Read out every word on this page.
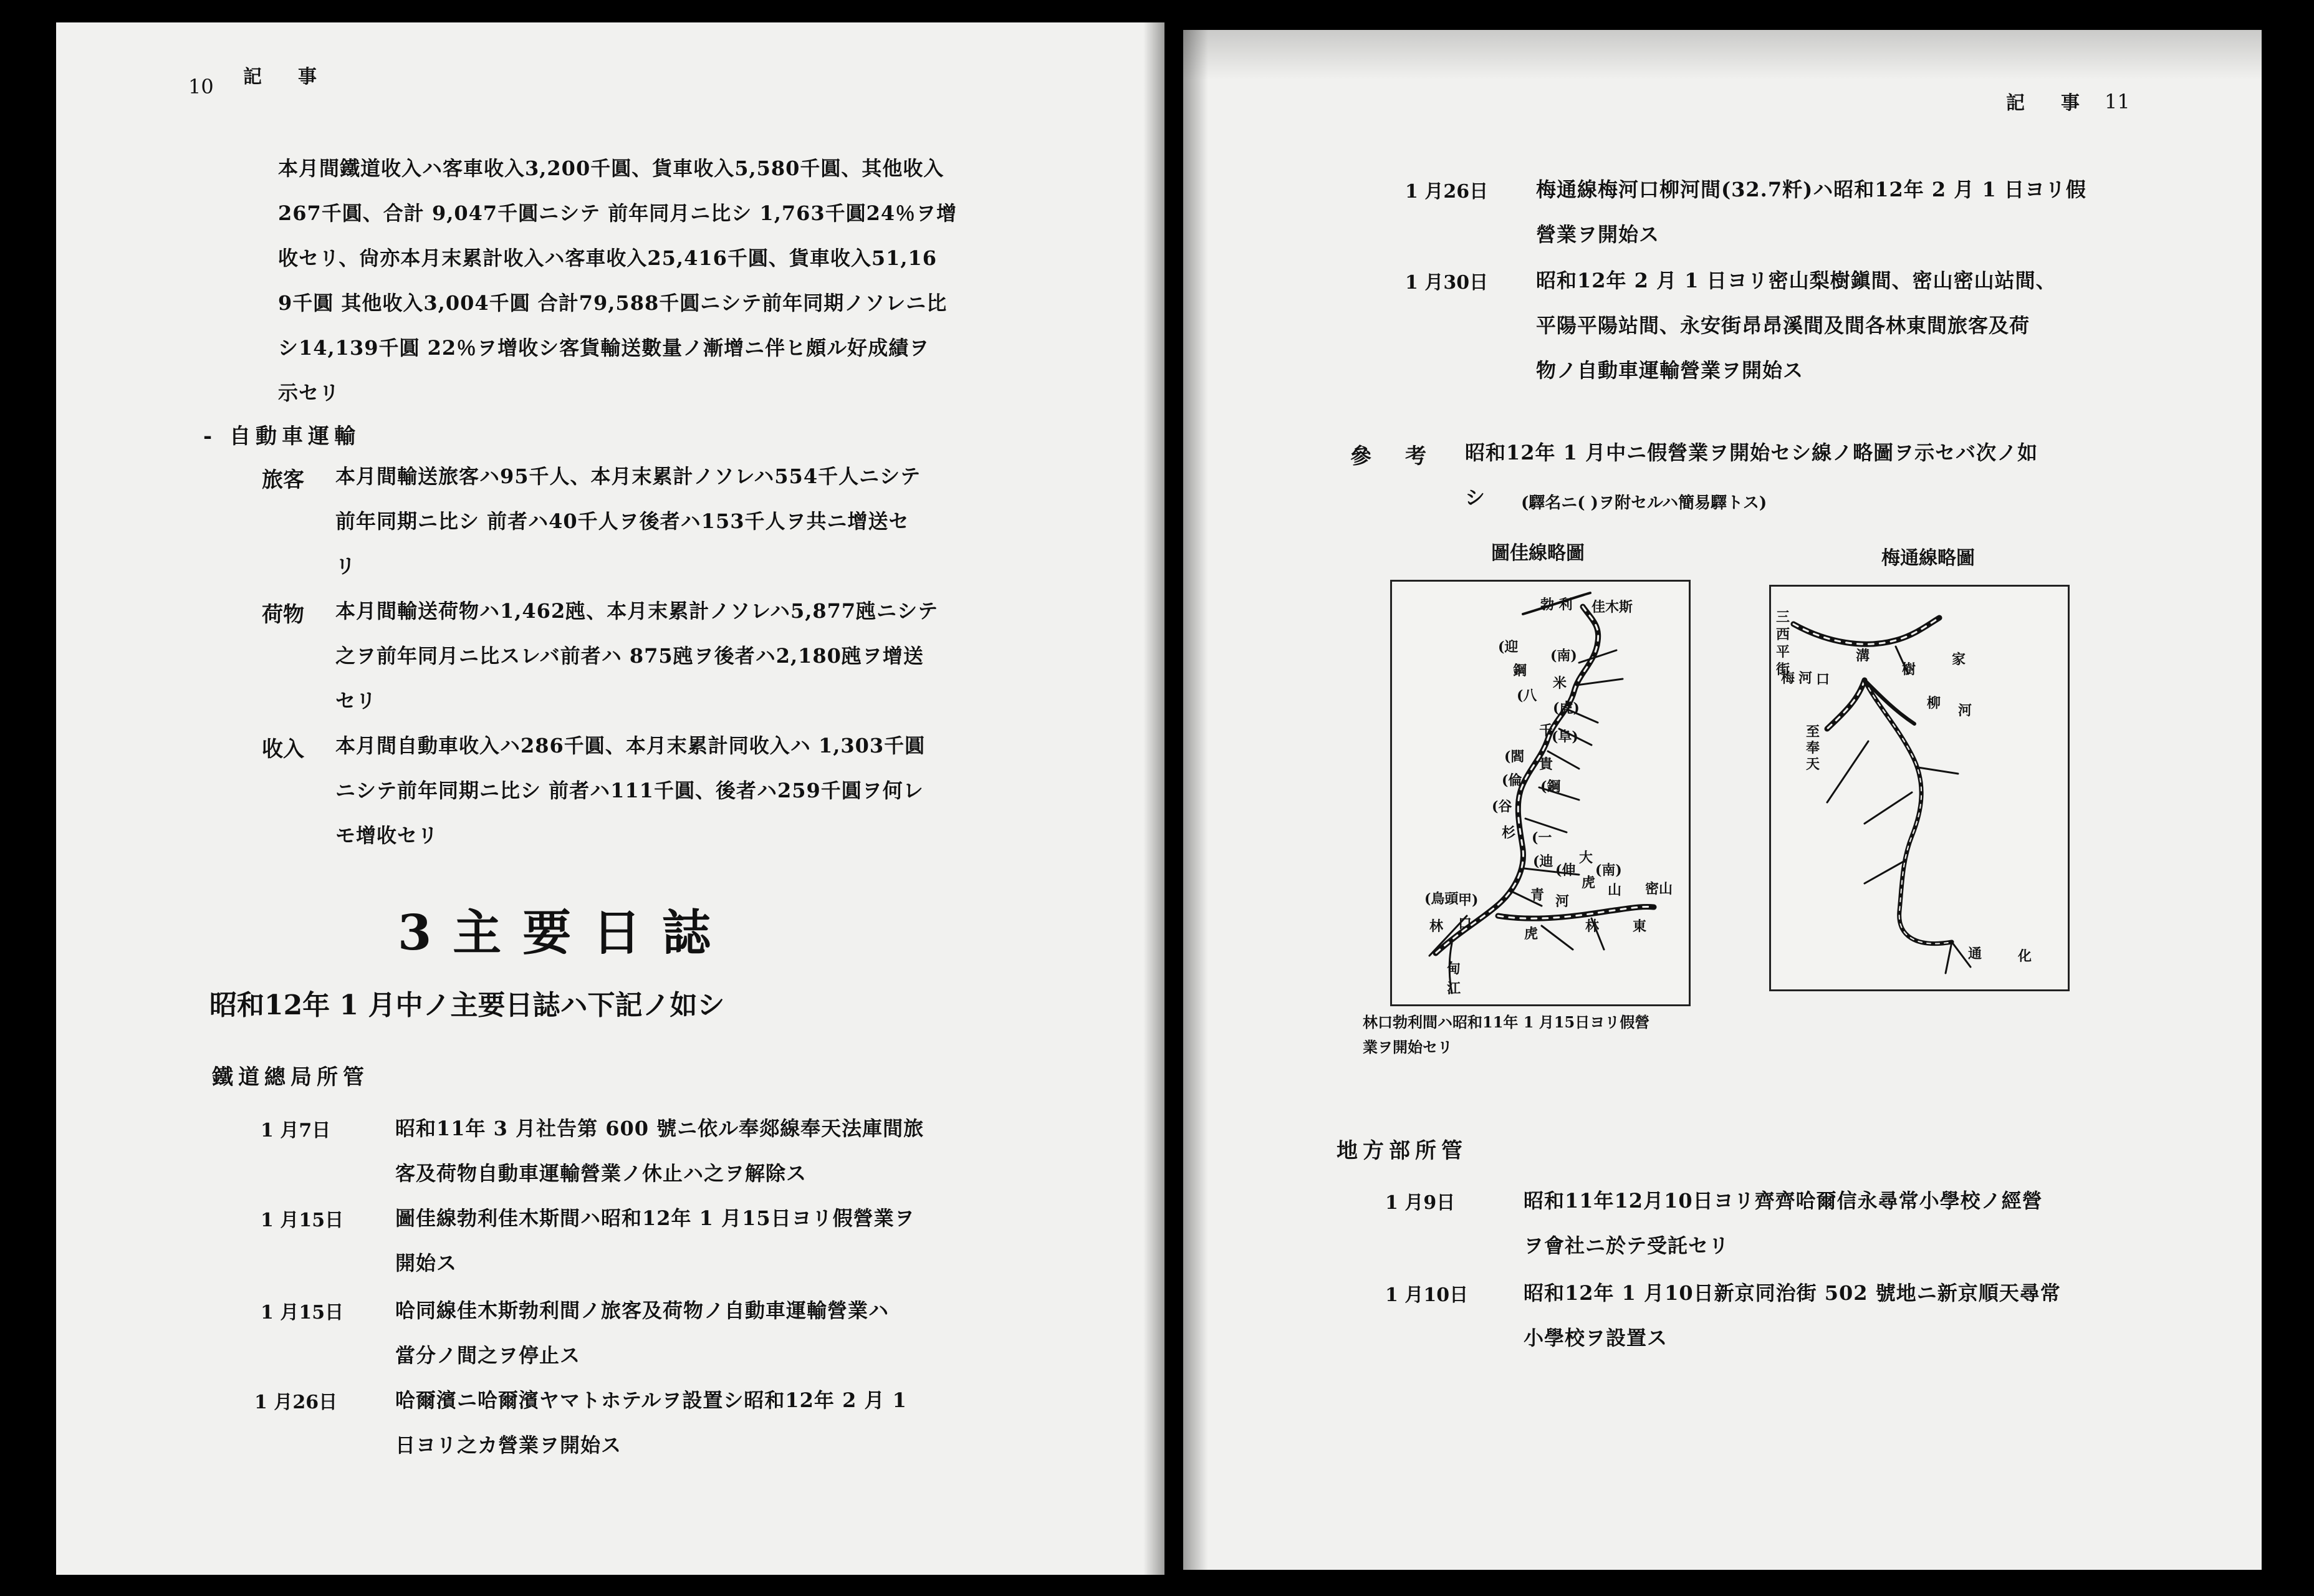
10 記　事
本月間鐵道收入ハ客車收入3,200千圓、貨車收入5,580千圓、其他收入
267千圓、合計 9,047千圓ニシテ 前年同月ニ比シ 1,763千圓24％ヲ增
收セリ、尙亦本月末累計收入ハ客車收入25,416千圓、貨車收入51,16
9千圓 其他收入3,004千圓 合計79,588千圓ニシテ前年同期ノソレニ比
シ14,139千圓 22％ヲ增收シ客貨輸送數量ノ漸增ニ伴ヒ頗ル好成績ヲ
示セリ
- 自動車運輸
旅客 本月間輸送旅客ハ95千人、本月末累計ノソレハ554千人ニシテ
前年同期ニ比シ 前者ハ40千人ヲ後者ハ153千人ヲ共ニ增送セ
リ
荷物 本月間輸送荷物ハ1,462瓲、本月末累計ノソレハ5,877瓲ニシテ
之ヲ前年同月ニ比スレバ前者ハ 875瓲ヲ後者ハ2,180瓲ヲ增送
セリ
收入 本月間自動車收入ハ286千圓、本月末累計同收入ハ 1,303千圓
ニシテ前年同期ニ比シ 前者ハ111千圓、後者ハ259千圓ヲ何レ
モ增收セリ
3主要日誌
昭和12年 1 月中ノ主要日誌ハ下記ノ如シ
鐵道總局所管
1 月7日	昭和11年 3 月社告第 600 號ニ依ル奉郯線奉天法庫間旅
客及荷物自動車運輸營業ノ休止ハ之ヲ解除ス
1 月15日	圖佳線勃利佳木斯間ハ昭和12年 1 月15日ヨリ假營業ヲ
開始ス
1 月15日	哈同線佳木斯勃利間ノ旅客及荷物ノ自動車運輸營業ハ
當分ノ間之ヲ停止ス
1 月26日	哈爾濱ニ哈爾濱ヤマトホテルヲ設置シ昭和12年 2 月 1
日ヨリ之カ營業ヲ開始ス
記　事 11
1 月26日 梅通線梅河口柳河間(32.7粁)ハ昭和12年 2 月 1 日ヨリ假
營業ヲ開始ス
1 月30日 昭和12年 2 月 1 日ヨリ密山梨樹鎭間、密山密山站間、
平陽平陽站間、永安街昂昂溪間及間各林東間旅客及荷
物ノ自動車運輸營業ヲ開始ス
參　考 昭和12年 1 月中ニ假營業ヲ開始セシ線ノ略圖ヲ示セバ次ノ如
シ (驛名ニ( )ヲ附セルハ簡易驛トス)
圖佳線略圖	梅通線略圖
勃 利 佳木斯
(迎
鋼
(南)
米
(八
(虎)
千
(阜)
(閻
(倫
(谷
貴
(鋼
杉 (一
(迪
(伸
大
(南)
虎 山
(鳥頭 甲)	青 河
林 口
虎	林 東
密山
甸
江
林口勃利間ハ昭和11年 1 月15日ヨリ假營
業ヲ開始セリ
三
西
平
街
溝
梅 河 口
樹
家
柳 河
至
奉
天
通	化
地方部所管
1 月9日	昭和11年12月10日ヨリ齊齊哈爾信永尋常小學校ノ經營
ヲ會社ニ於テ受託セリ
1 月10日	昭和12年 1 月10日新京同治街 502 號地ニ新京順天尋常
小學校ヲ設置ス
